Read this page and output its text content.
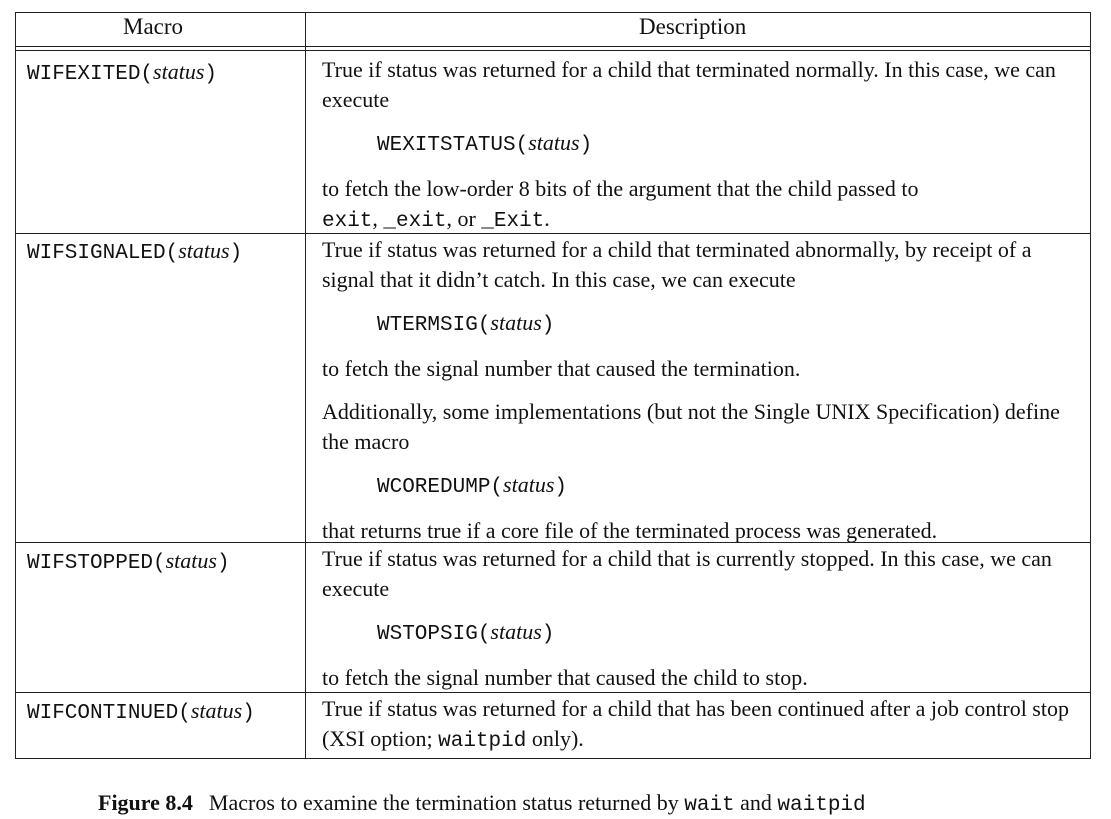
Macro	Description
WIFEXITED(status)	True if status was returned for a child that terminated normally. In this case, we can execute

WEXITSTATUS(status)

to fetch the low-order 8 bits of the argument that the child passed to
exit, _exit, or _Exit.

WIFSIGNALED(status)	True if status was returned for a child that terminated abnormally, by receipt of a signal that it didn’t catch. In this case, we can execute

WTERMSIG(status)

to fetch the signal number that caused the termination.

Additionally, some implementations (but not the Single UNIX Specification) define the macro

WCOREDUMP(status)

that returns true if a core file of the terminated process was generated.

WIFSTOPPED(status)	True if status was returned for a child that is currently stopped. In this case, we can execute

WSTOPSIG(status)

to fetch the signal number that caused the child to stop.

WIFCONTINUED(status)	True if status was returned for a child that has been continued after a job control stop (XSI option; waitpid only).

Figure 8.4 Macros to examine the termination status returned by wait and waitpid
